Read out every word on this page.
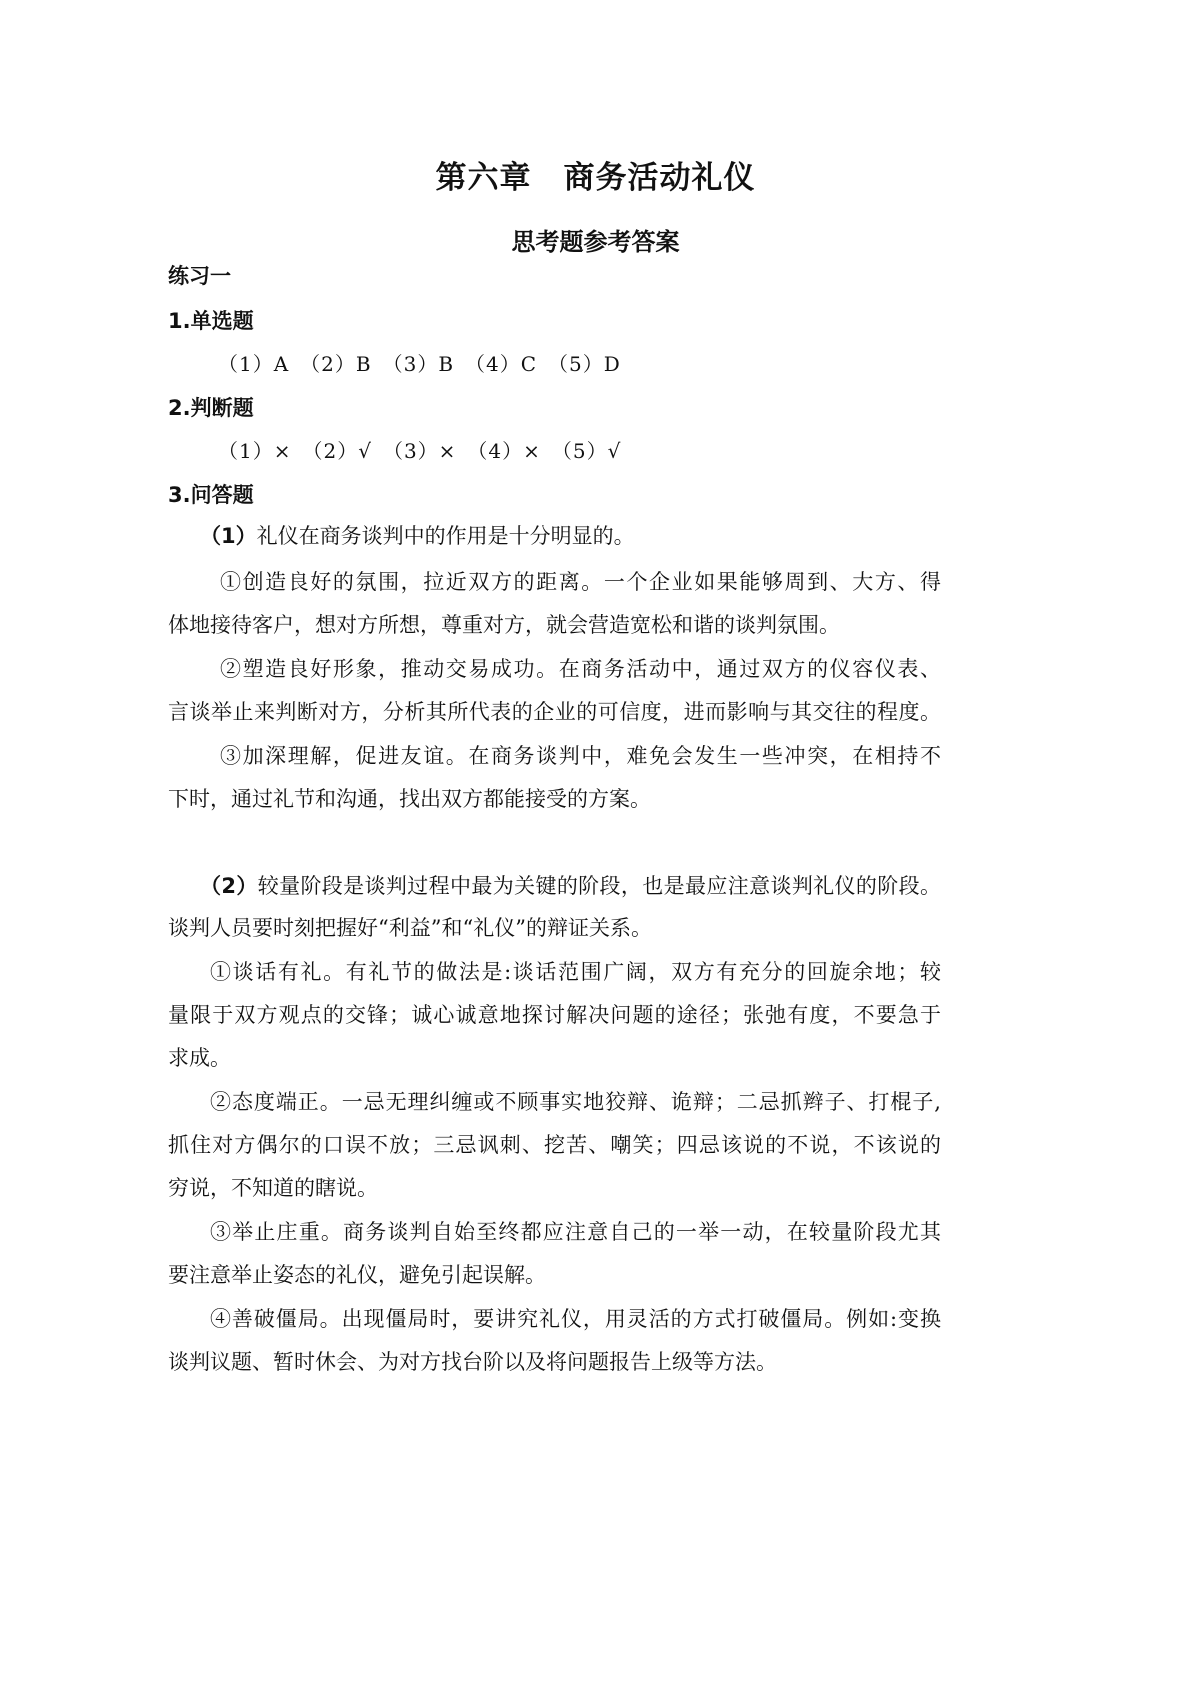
第六章　商务活动礼仪
思考题参考答案
练习一
1.单选题
（1）A　（2）B　（3）B　（4）C　（5）D
2.判断题
（1）×　（2）√　（3）×　（4）×　（5）√
3.问答题
（1）礼仪在商务谈判中的作用是十分明显的。
①创造良好的氛围，拉近双方的距离。一个企业如果能够周到、大方、得
体地接待客户，想对方所想，尊重对方，就会营造宽松和谐的谈判氛围。
②塑造良好形象，推动交易成功。在商务活动中，通过双方的仪容仪表、
言谈举止来判断对方，分析其所代表的企业的可信度，进而影响与其交往的程度。
③加深理解，促进友谊。在商务谈判中，难免会发生一些冲突，在相持不
下时，通过礼节和沟通，找出双方都能接受的方案。
（2）较量阶段是谈判过程中最为关键的阶段，也是最应注意谈判礼仪的阶段。
谈判人员要时刻把握好“利益”和“礼仪”的辩证关系。
①谈话有礼。有礼节的做法是:谈话范围广阔，双方有充分的回旋余地；较
量限于双方观点的交锋；诚心诚意地探讨解决问题的途径；张弛有度，不要急于
求成。
②态度端正。一忌无理纠缠或不顾事实地狡辩、诡辩；二忌抓辫子、打棍子,
抓住对方偶尔的口误不放；三忌讽刺、挖苦、嘲笑；四忌该说的不说，不该说的
穷说，不知道的瞎说。
③举止庄重。商务谈判自始至终都应注意自己的一举一动，在较量阶段尤其
要注意举止姿态的礼仪，避免引起误解。
④善破僵局。出现僵局时，要讲究礼仪，用灵活的方式打破僵局。例如:变换
谈判议题、暂时休会、为对方找台阶以及将问题报告上级等方法。
